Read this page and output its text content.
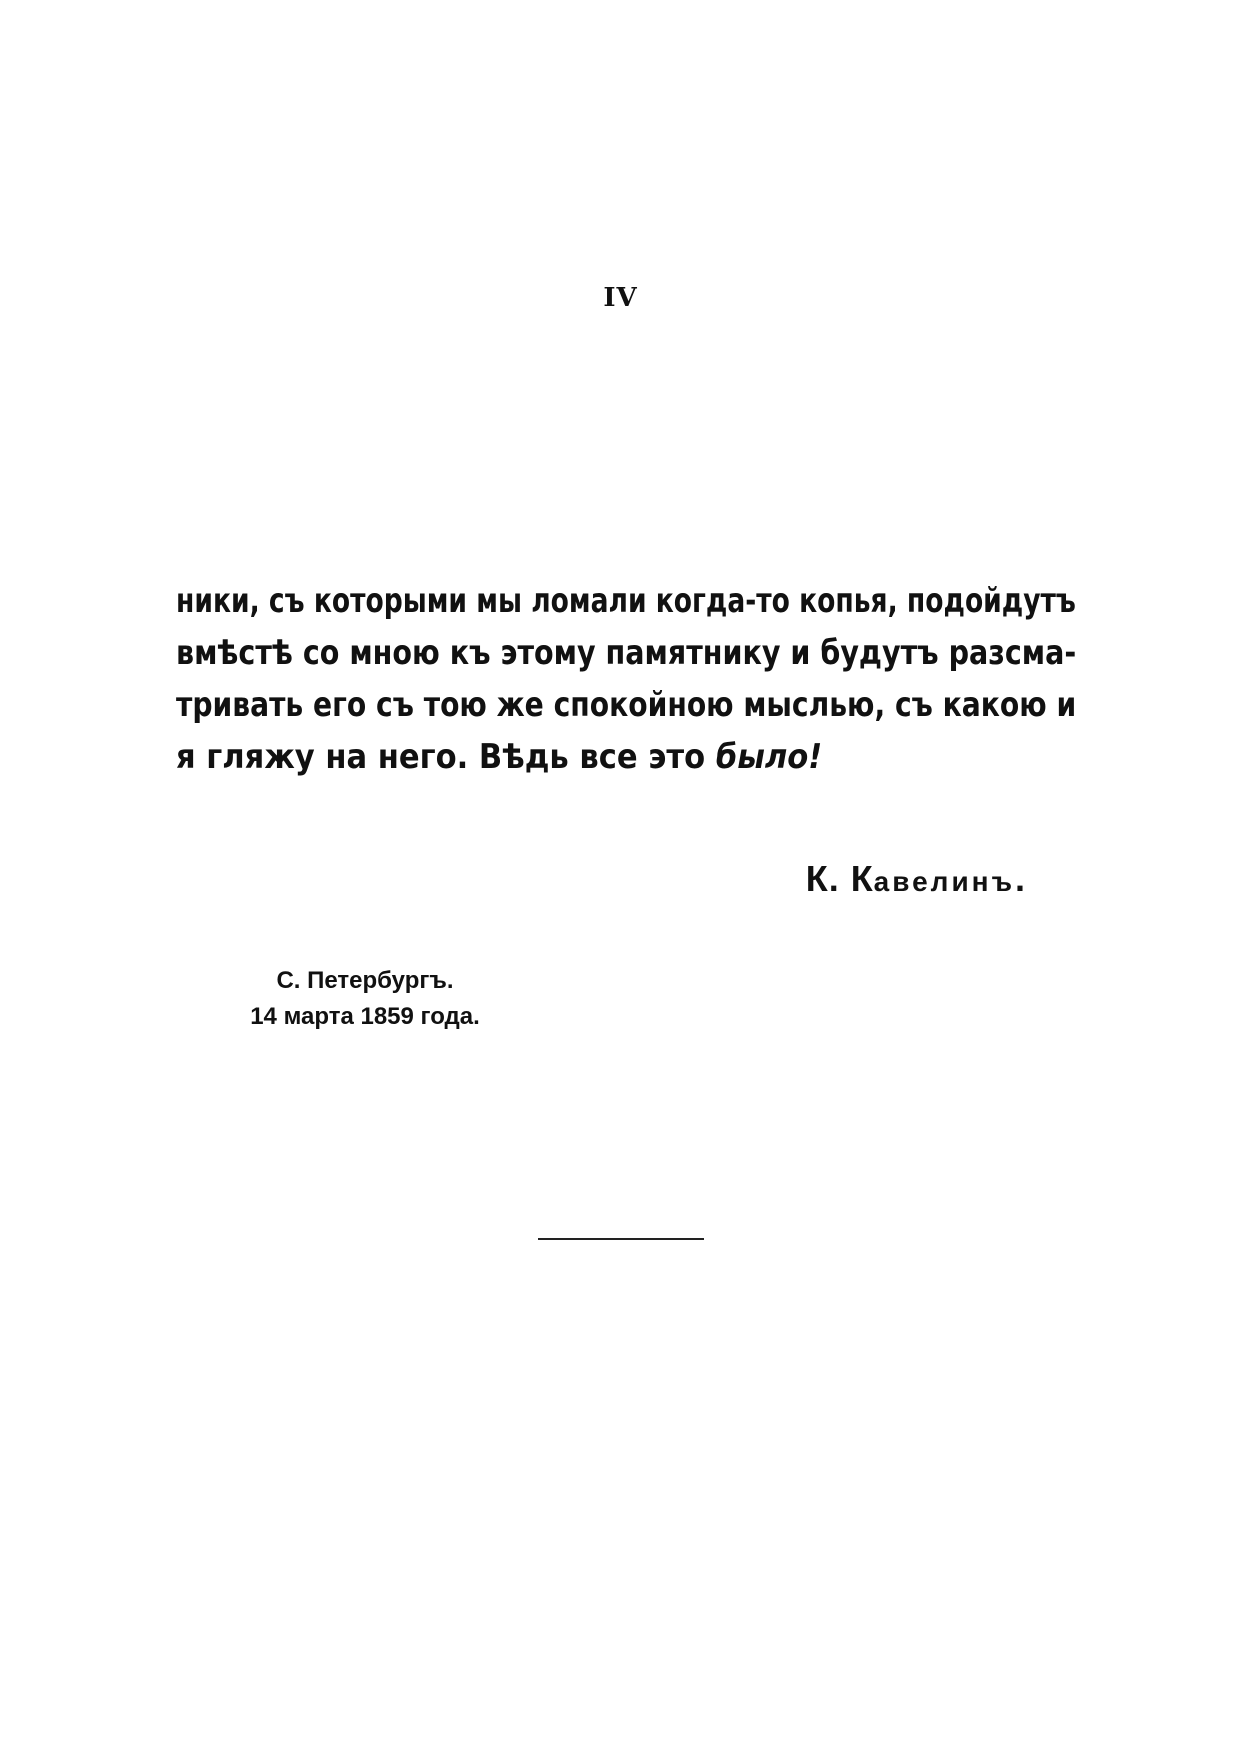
IV
ники, съ которыми мы ломали когда-то копья, подойдутъ
вмѣстѣ со мною къ этому памятнику и будутъ разсма-
тривать его съ тою же спокойною мыслью, съ какою и
я гляжу на него. Вѣдь все это было!
К. Кавелинъ.
С. Петербургъ.
14 марта 1859 года.
